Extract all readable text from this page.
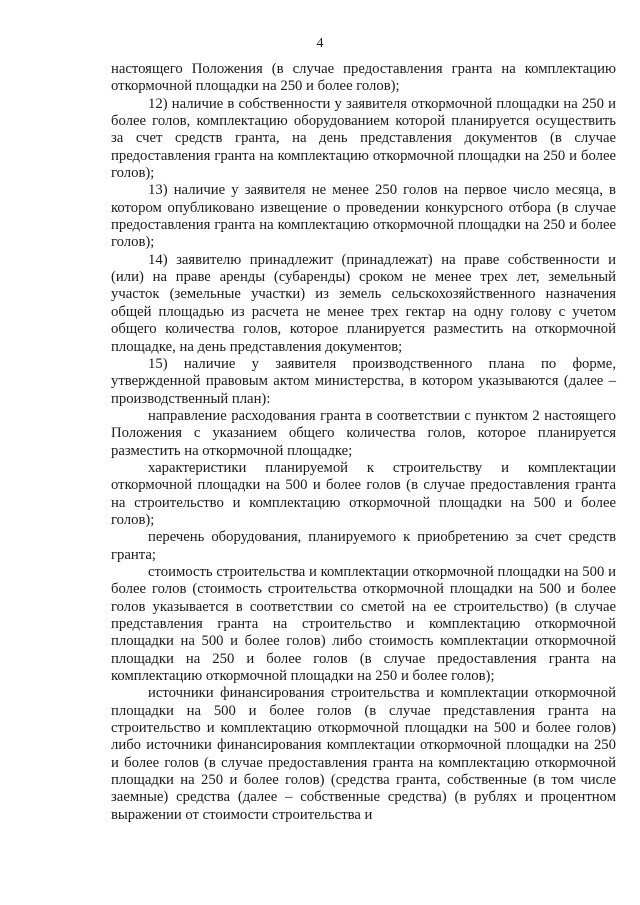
4

настоящего Положения (в случае предоставления гранта на комплектацию откормочной площадки на 250 и более голов);

12) наличие в собственности у заявителя откормочной площадки на 250 и более голов, комплектацию оборудованием которой планируется осуществить за счет средств гранта, на день представления документов (в случае предоставления гранта на комплектацию откормочной площадки на 250 и более голов);

13) наличие у заявителя не менее 250 голов на первое число месяца, в котором опубликовано извещение о проведении конкурсного отбора (в случае предоставления гранта на комплектацию откормочной площадки на 250 и более голов);

14) заявителю принадлежит (принадлежат) на праве собственности и (или) на праве аренды (субаренды) сроком не менее трех лет, земельный участок (земельные участки) из земель сельскохозяйственного назначения общей площадью из расчета не менее трех гектар на одну голову с учетом общего количества голов, которое планируется разместить на откормочной площадке, на день представления документов;

15) наличие у заявителя производственного плана по форме, утвержденной правовым актом министерства, в котором указываются (далее – производственный план):

направление расходования гранта в соответствии с пунктом 2 настоящего Положения с указанием общего количества голов, которое планируется разместить на откормочной площадке;

характеристики планируемой к строительству и комплектации откормочной площадки на 500 и более голов (в случае предоставления гранта на строительство и комплектацию откормочной площадки на 500 и более голов);

перечень оборудования, планируемого к приобретению за счет средств гранта;

стоимость строительства и комплектации откормочной площадки на 500 и более голов (стоимость строительства откормочной площадки на 500 и более голов указывается в соответствии со сметой на ее строительство) (в случае представления гранта на строительство и комплектацию откормочной площадки на 500 и более голов) либо стоимость комплектации откормочной площадки на 250 и более голов (в случае предоставления гранта на комплектацию откормочной площадки на 250 и более голов);

источники финансирования строительства и комплектации откормочной площадки на 500 и более голов (в случае представления гранта на строительство и комплектацию откормочной площадки на 500 и более голов) либо источники финансирования комплектации откормочной площадки на 250 и более голов (в случае предоставления гранта на комплектацию откормочной площадки на 250 и более голов) (средства гранта, собственные (в том числе заемные) средства (далее – собственные средства) (в рублях и процентном выражении от стоимости строительства и
